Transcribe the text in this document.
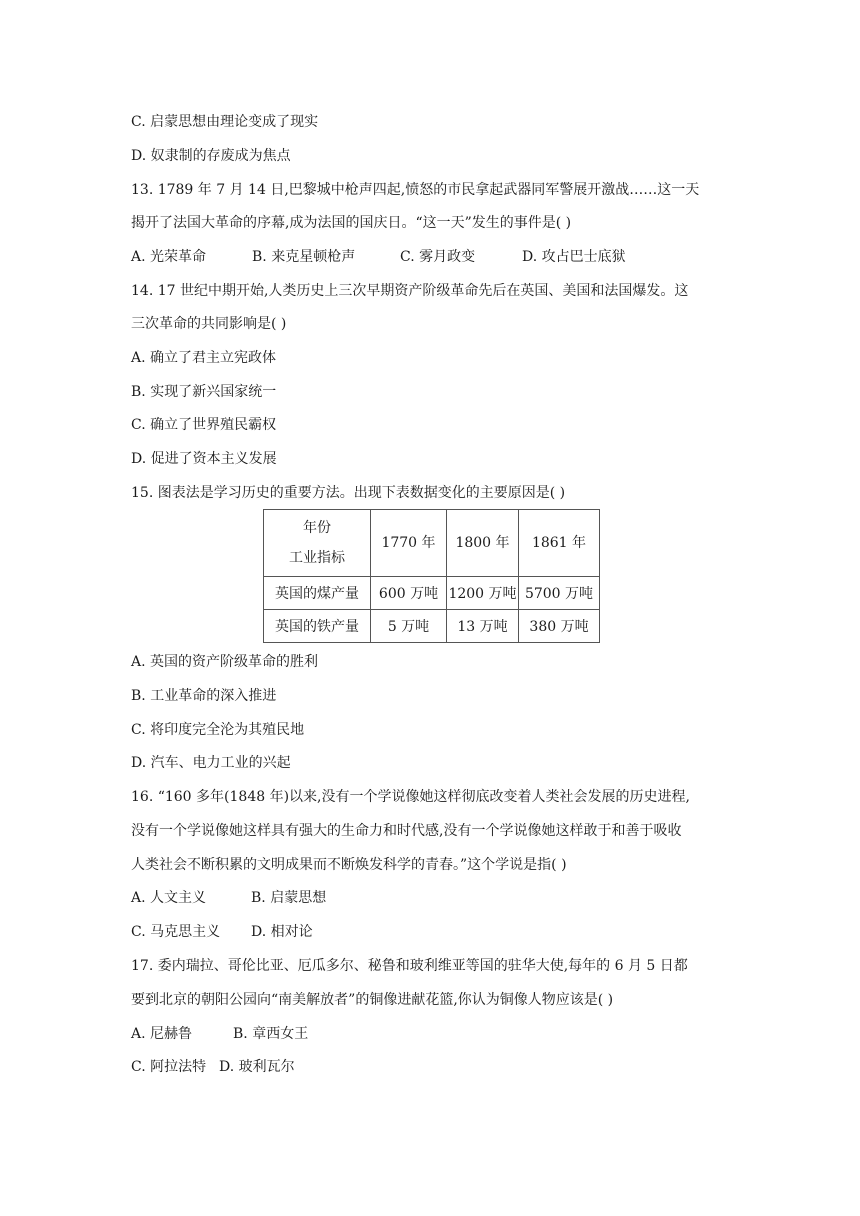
C. 启蒙思想由理论变成了现实
D. 奴隶制的存废成为焦点
13. 1789 年 7 月 14 日,巴黎城中枪声四起,愤怒的市民拿起武器同军警展开激战……这一天
揭开了法国大革命的序幕,成为法国的国庆日。“这一天”发生的事件是( )
A. 光荣革命	B. 来克星顿枪声	C. 雾月政变	D. 攻占巴士底狱
14. 17 世纪中期开始,人类历史上三次早期资产阶级革命先后在英国、美国和法国爆发。这
三次革命的共同影响是( )
A. 确立了君主立宪政体
B. 实现了新兴国家统一
C. 确立了世界殖民霸权
D. 促进了资本主义发展
15. 图表法是学习历史的重要方法。出现下表数据变化的主要原因是( )
年份
工业指标	1770 年	1800 年	1861 年
英国的煤产量	600 万吨	1200 万吨	5700 万吨
英国的铁产量	5 万吨	13 万吨	380 万吨
A. 英国的资产阶级革命的胜利
B. 工业革命的深入推进
C. 将印度完全沦为其殖民地
D. 汽车、电力工业的兴起
16. “160 多年(1848 年)以来,没有一个学说像她这样彻底改变着人类社会发展的历史进程,
没有一个学说像她这样具有强大的生命力和时代感,没有一个学说像她这样敢于和善于吸收
人类社会不断积累的文明成果而不断焕发科学的青春。”这个学说是指( )
A. 人文主义	B. 启蒙思想
C. 马克思主义 D. 相对论
17. 委内瑞拉、哥伦比亚、厄瓜多尔、秘鲁和玻利维亚等国的驻华大使,每年的 6 月 5 日都
要到北京的朝阳公园向“南美解放者”的铜像进献花篮,你认为铜像人物应该是( )
A. 尼赫鲁	B. 章西女王
C. 阿拉法特 D. 玻利瓦尔
